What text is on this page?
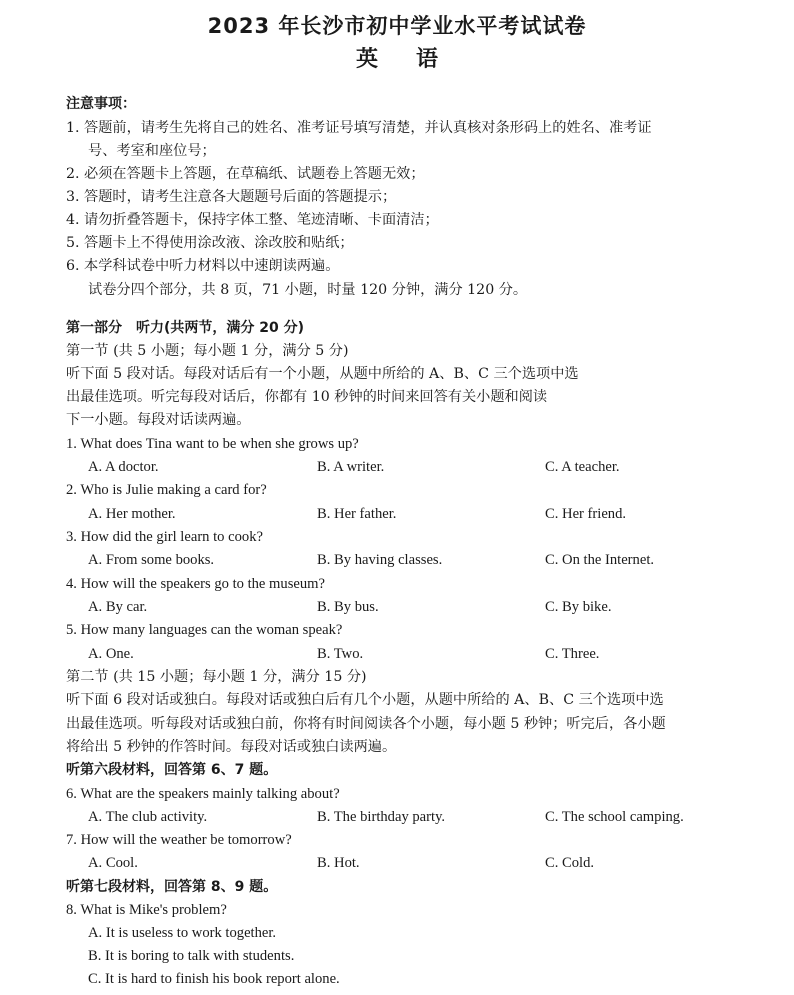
2023 年长沙市初中学业水平考试试卷
英语
注意事项：
1. 答题前，请考生先将自己的姓名、准考证号填写清楚，并认真核对条形码上的姓名、准考证
号、考室和座位号；
2. 必须在答题卡上答题，在草稿纸、试题卷上答题无效；
3. 答题时，请考生注意各大题题号后面的答题提示；
4. 请勿折叠答题卡，保持字体工整、笔迹清晰、卡面清洁；
5. 答题卡上不得使用涂改液、涂改胶和贴纸；
6. 本学科试卷中听力材料以中速朗读两遍。
试卷分四个部分，共 8 页，71 小题，时量 120 分钟，满分 120 分。
第一部分　听力(共两节，满分 20 分)
第一节 (共 5 小题；每小题 1 分，满分 5 分)
听下面 5 段对话。每段对话后有一个小题，从题中所给的 A、B、C 三个选项中选
出最佳选项。听完每段对话后，你都有 10 秒钟的时间来回答有关小题和阅读
下一小题。每段对话读两遍。
1. What does Tina want to be when she grows up?
A. A doctor.	B. A writer.	C. A teacher.
2. Who is Julie making a card for?
A. Her mother.	B. Her father.	C. Her friend.
3. How did the girl learn to cook?
A. From some books.	B. By having classes.	C. On the Internet.
4. How will the speakers go to the museum?
A. By car.	B. By bus.	C. By bike.
5. How many languages can the woman speak?
A. One.	B. Two.	C. Three.
第二节 (共 15 小题；每小题 1 分，满分 15 分)
听下面 6 段对话或独白。每段对话或独白后有几个小题，从题中所给的 A、B、C 三个选项中选
出最佳选项。听每段对话或独白前，你将有时间阅读各个小题，每小题 5 秒钟；听完后，各小题
将给出 5 秒钟的作答时间。每段对话或独白读两遍。
听第六段材料，回答第 6、7 题。
6. What are the speakers mainly talking about?
A. The club activity.	B. The birthday party.	C. The school camping.
7. How will the weather be tomorrow?
A. Cool.	B. Hot.	C. Cold.
听第七段材料，回答第 8、9 题。
8. What is Mike's problem?
A. It is useless to work together.
B. It is boring to talk with students.
C. It is hard to finish his book report alone.
